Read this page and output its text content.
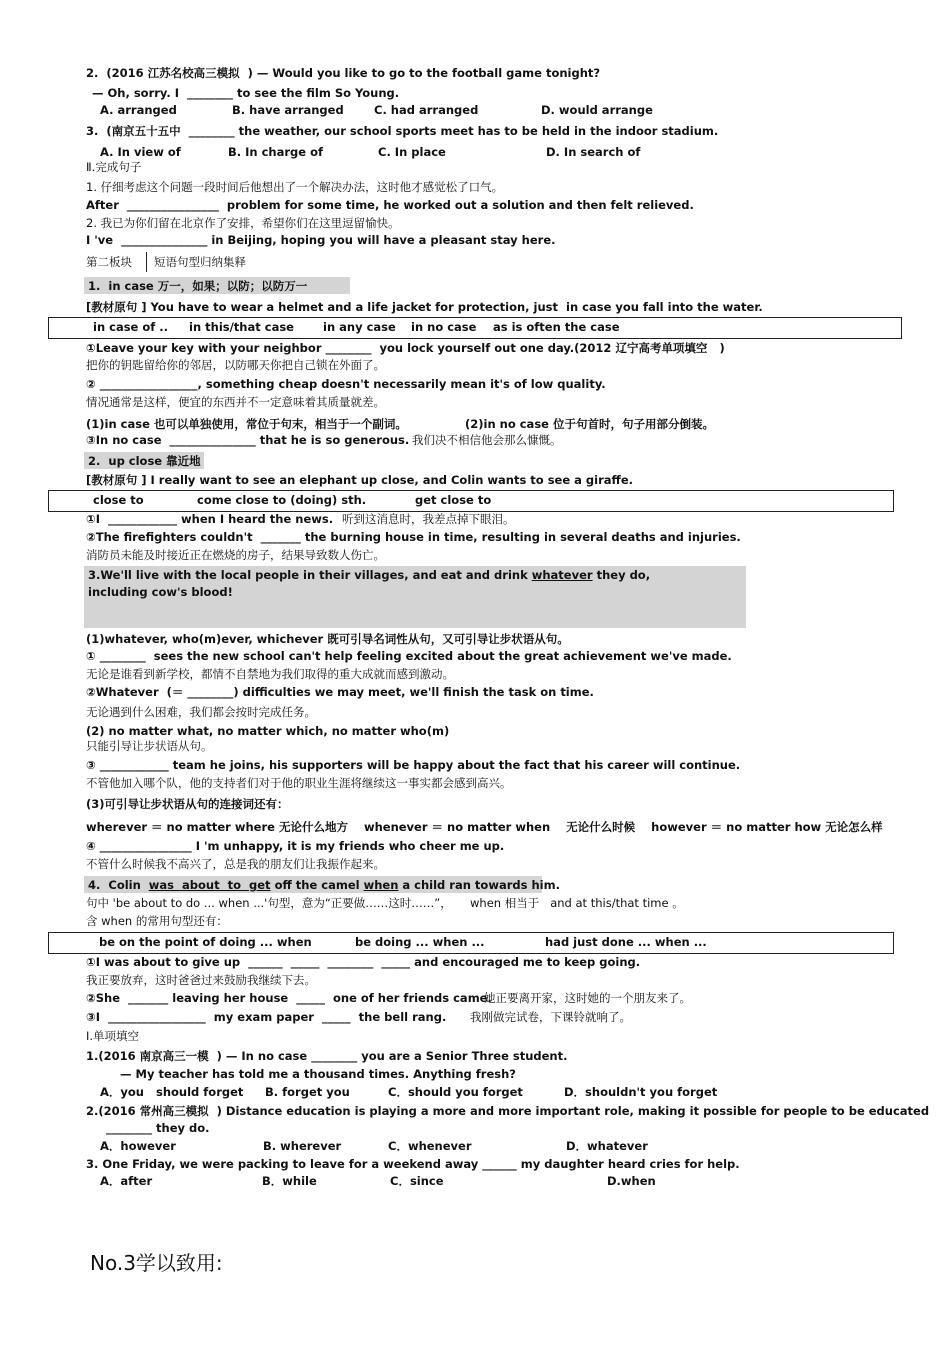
2.  (2016 江苏名校高三模拟  ) — Would you like to go to the football game tonight?
— Oh, sorry. I  ________ to see the film So Young.
A. arranged	B. have arranged	C. had arranged	D. would arrange
3.  (南京五十五中  ________ the weather, our school sports meet has to be held in the indoor stadium.
A. In view of	B. In charge of	C. In place	D. In search of
Ⅱ.完成句子
1. 仔细考虑这个问题一段时间后他想出了一个解决办法，这时他才感觉松了口气。
After  ________________  problem for some time, he worked out a solution and then felt relieved.
2. 我已为你们留在北京作了安排，希望你们在这里逗留愉快。
I 've  _______________ in Beijing, hoping you will have a pleasant stay here.
第二板块 短语句型归纳集释
1.  in case 万一，如果；以防；以防万一
[教材原句 ] You have to wear a helmet and a life jacket for protection, just  in case you fall into the water.
in case of .. in this/that case	in any case in no case as is often the case
①Leave your key with your neighbor ________  you lock yourself out one day.(2012 辽宁高考单项填空   )
把你的钥匙留给你的邻居，以防哪天你把自己锁在外面了。
② _________________, something cheap doesn't necessarily mean it's of low quality.
情况通常是这样，便宜的东西并不一定意味着其质量就差。
(1)in case 也可以单独使用，常位于句末，相当于一个副词。	(2)in no case 位于句首时，句子用部分倒装。
③In no case  _______________ that he is so generous. 我们决不相信他会那么慷慨。
2.  up close 靠近地
[教材原句 ] I really want to see an elephant up close, and Colin wants to see a giraffe.
close to	come close to (doing) sth.	get close to
①I  ____________ when I heard the news. 听到这消息时，我差点掉下眼泪。
②The firefighters couldn't  _______ the burning house in time, resulting in several deaths and injuries.
消防员未能及时接近正在燃烧的房子，结果导致数人伤亡。
3.We'll live with the local people in their villages, and eat and drink whatever they do,
including cow's blood!
(1)whatever, who(m)ever, whichever 既可引导名词性从句，又可引导让步状语从句。
① ________  sees the new school can't help feeling excited about the great achievement we've made.
无论是谁看到新学校，都情不自禁地为我们取得的重大成就而感到激动。
②Whatever  (＝ ________) difficulties we may meet, we'll finish the task on time.
无论遇到什么困难，我们都会按时完成任务。
(2) no matter what, no matter which, no matter who(m)
只能引导让步状语从句。
③ ____________ team he joins, his supporters will be happy about the fact that his career will continue.
不管他加入哪个队，他的支持者们对于他的职业生涯将继续这一事实都会感到高兴。
(3)可引导让步状语从句的连接词还有：
wherever ＝ no matter where 无论什么地方    whenever ＝ no matter when    无论什么时候    however ＝ no matter how 无论怎么样
④ ________________ I 'm unhappy, it is my friends who cheer me up.
不管什么时候我不高兴了，总是我的朋友们让我振作起来。
4.  Colin  was  about  to  get off the camel when a child ran towards him.
句中 'be about to do ... when ...'句型，意为“正要做……这时……”，     when 相当于   and at this/that time 。
含 when 的常用句型还有：
be on the point of doing ... when	be doing ... when ...	had just done ... when ...
①I was about to give up  ______  _____  ________  _____ and encouraged me to keep going.
我正要放弃，这时爸爸过来鼓励我继续下去。
②She  _______ leaving her house  _____  one of her friends came.
她正要离开家，这时她的一个朋友来了。
③I  _________________  my exam paper  _____  the bell rang. 我刚做完试卷，下课铃就响了。
Ⅰ.单项填空
1.(2016 南京高三一模  ) — In no case ________ you are a Senior Three student.
— My teacher has told me a thousand times. Anything fresh?
A．you   should forget B. forget you	C．should you forget	D．shouldn't you forget
2.(2016 常州高三模拟  ) Distance education is playing a more and more important role, making it possible for people to be educated
________ they do.
A．however	B. wherever	C．whenever	D．whatever
3. One Friday, we were packing to leave for a weekend away ______ my daughter heard cries for help.
A．after	B．while	C．since	D.when
No.3学以致用:
